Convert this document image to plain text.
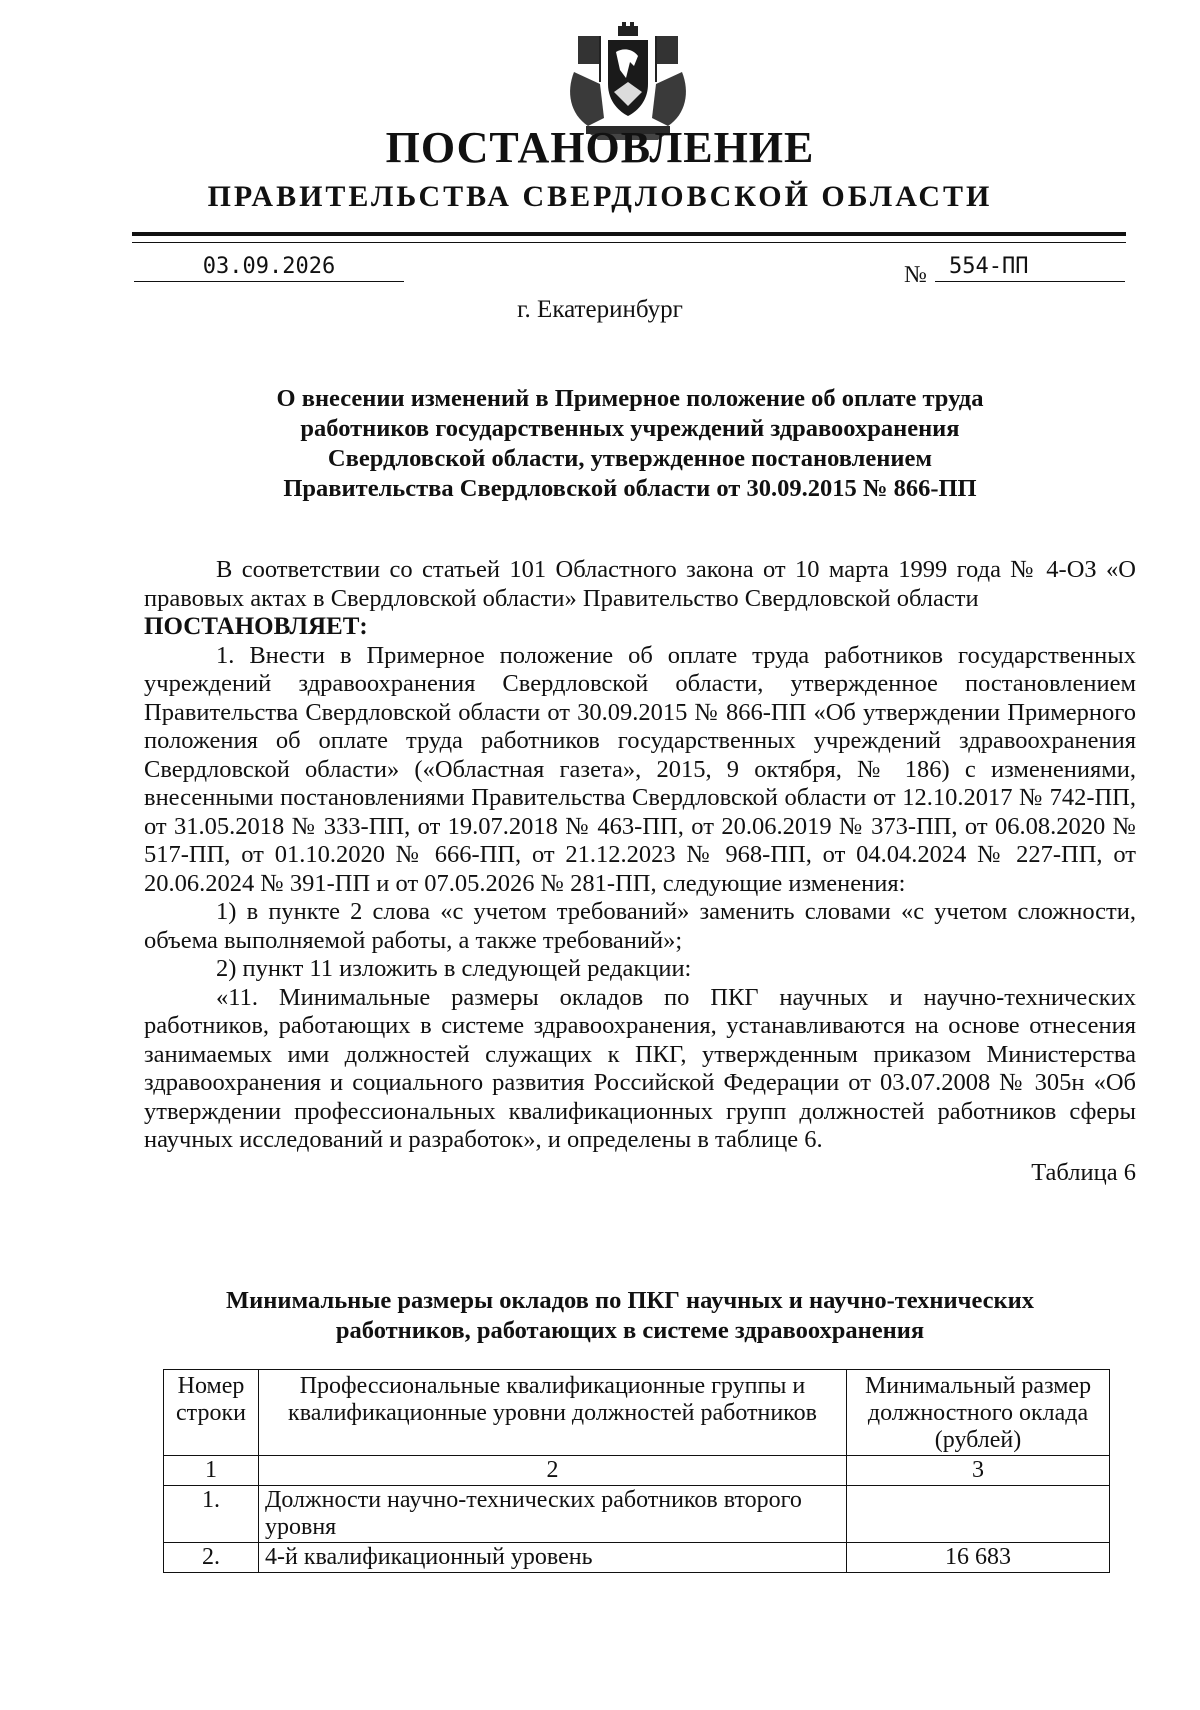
ПОСТАНОВЛЕНИЕ
ПРАВИТЕЛЬСТВА СВЕРДЛОВСКОЙ ОБЛАСТИ
03.09.2026	№	554-ПП
г. Екатеринбург
О внесении изменений в Примерное положение об оплате труда
работников государственных учреждений здравоохранения
Свердловской области, утвержденное постановлением
Правительства Свердловской области от 30.09.2015 № 866-ПП

В соответствии со статьей 101 Областного закона от 10 марта 1999 года № 4-ОЗ «О правовых актах в Свердловской области» Правительство Свердловской области

ПОСТАНОВЛЯЕТ:

1. Внести в Примерное положение об оплате труда работников государственных учреждений здравоохранения Свердловской области, утвержденное постановлением Правительства Свердловской области от 30.09.2015 № 866-ПП «Об утверждении Примерного положения об оплате труда работников государственных учреждений здравоохранения Свердловской области» («Областная газета», 2015, 9 октября, № 186) с изменениями, внесенными постановлениями Правительства Свердловской области от 12.10.2017 № 742-ПП, от 31.05.2018 № 333-ПП, от 19.07.2018 № 463-ПП, от 20.06.2019 № 373-ПП, от 06.08.2020 № 517-ПП, от 01.10.2020 № 666-ПП, от 21.12.2023 № 968-ПП, от 04.04.2024 № 227-ПП, от 20.06.2024 № 391-ПП и от 07.05.2026 № 281-ПП, следующие изменения:

1) в пункте 2 слова «с учетом требований» заменить словами «с учетом сложности, объема выполняемой работы, а также требований»;

2) пункт 11 изложить в следующей редакции:

«11. Минимальные размеры окладов по ПКГ научных и научно-технических работников, работающих в системе здравоохранения, устанавливаются на основе отнесения занимаемых ими должностей служащих к ПКГ, утвержденным приказом Министерства здравоохранения и социального развития Российской Федерации от 03.07.2008 № 305н «Об утверждении профессиональных квалификационных групп должностей работников сферы научных исследований и разработок», и определены в таблице 6.

Таблица 6

Минимальные размеры окладов по ПКГ научных и научно-технических
работников, работающих в системе здравоохранения
Номер строки	Профессиональные квалификационные группы и квалификационные уровни должностей работников	Минимальный размер должностного оклада (рублей)
1	2	3
1.	Должности научно-технических работников второго уровня	
2.	4-й квалификационный уровень	16 683
